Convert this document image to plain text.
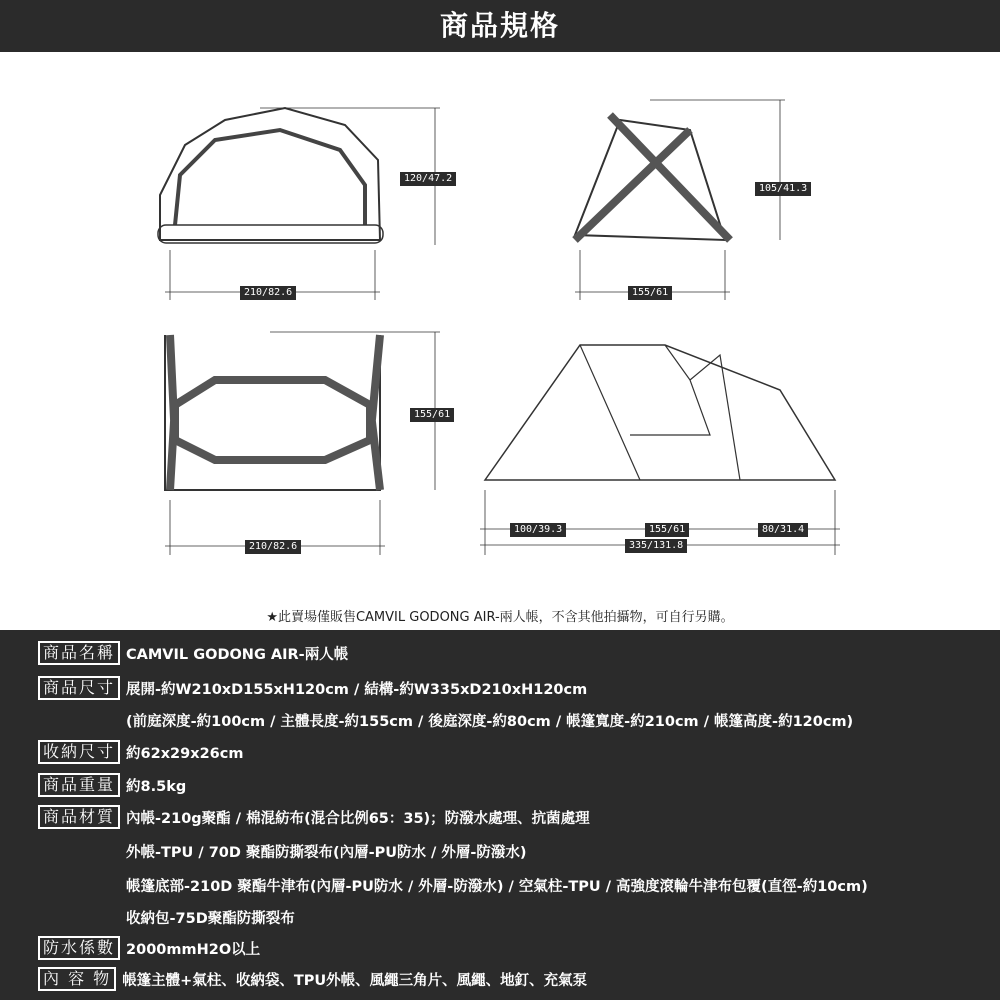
商品規格
120/47.2
210/82.6
105/41.3
155/61
155/61
210/82.6
100/39.3	155/61	80/31.4
335/131.8
★此賣場僅販售CAMVIL GODONG AIR-兩人帳，不含其他拍攝物，可自行另購。
商品名稱 CAMVIL GODONG AIR-兩人帳
商品尺寸 展開-約W210xD155xH120cm / 結構-約W335xD210xH120cm
(前庭深度-約100cm / 主體長度-約155cm / 後庭深度-約80cm / 帳篷寬度-約210cm / 帳篷高度-約120cm)
收納尺寸 約62x29x26cm
商品重量 約8.5kg
商品材質 內帳-210g聚酯 / 棉混紡布(混合比例65：35)；防潑水處理、抗菌處理
外帳-TPU / 70D 聚酯防撕裂布(內層-PU防水 / 外層-防潑水)
帳篷底部-210D 聚酯牛津布(內層-PU防水 / 外層-防潑水) / 空氣柱-TPU / 高強度滾輪牛津布包覆(直徑-約10cm)
收納包-75D聚酯防撕裂布
防水係數 2000mmH2O以上
內 容 物 帳篷主體+氣柱、收納袋、TPU外帳、風繩三角片、風繩、地釘、充氣泵
